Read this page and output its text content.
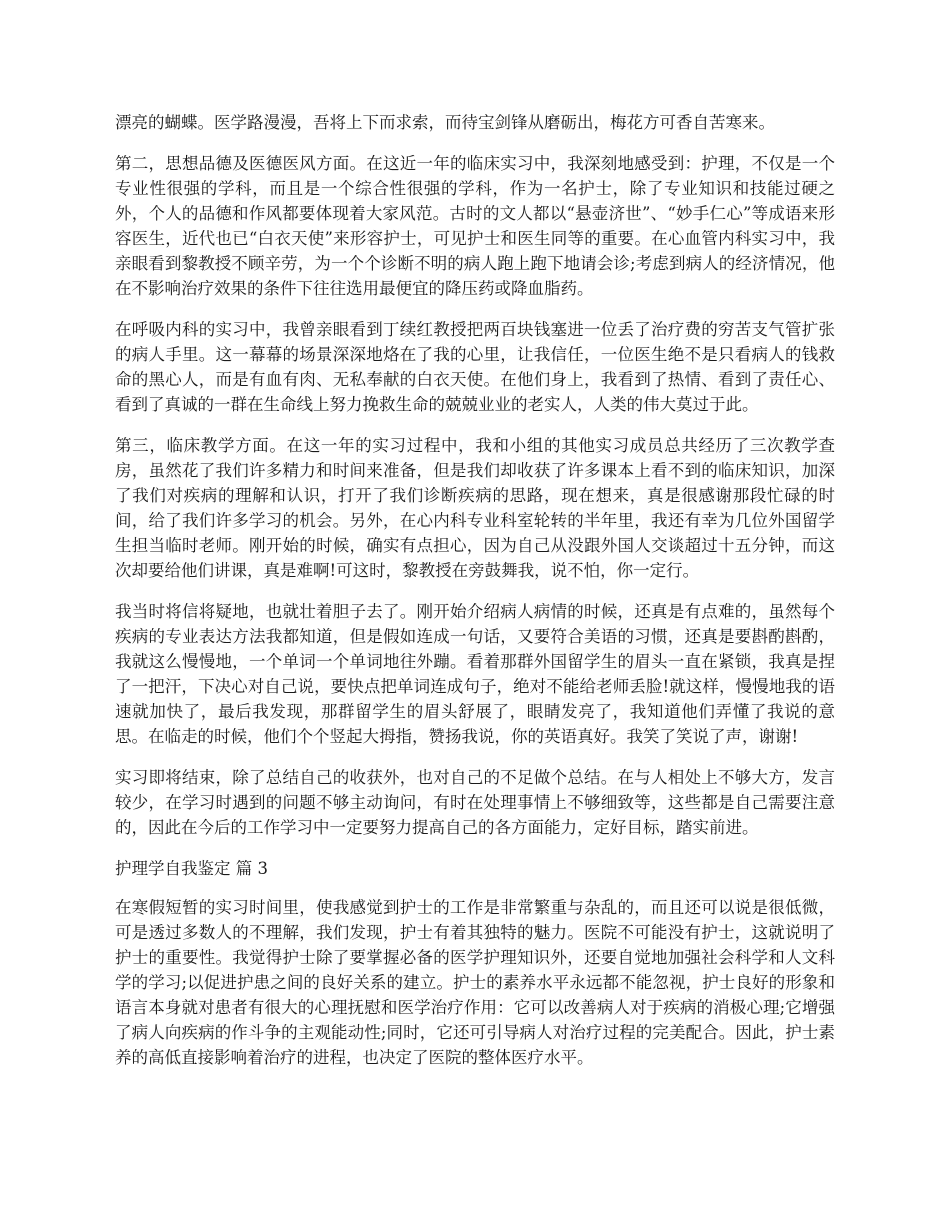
漂亮的蝴蝶。医学路漫漫，吾将上下而求索，而待宝剑锋从磨砺出，梅花方可香自苦寒来。

第二，思想品德及医德医风方面。在这近一年的临床实习中，我深刻地感受到：护理，不仅是一个专业性很强的学科，而且是一个综合性很强的学科，作为一名护士，除了专业知识和技能过硬之外，个人的品德和作风都要体现着大家风范。古时的文人都以“悬壶济世”、“妙手仁心”等成语来形容医生，近代也已“白衣天使”来形容护士，可见护士和医生同等的重要。在心血管内科实习中，我亲眼看到黎教授不顾辛劳，为一个个诊断不明的病人跑上跑下地请会诊;考虑到病人的经济情况，他在不影响治疗效果的条件下往往选用最便宜的降压药或降血脂药。

在呼吸内科的实习中，我曾亲眼看到丁续红教授把两百块钱塞进一位丢了治疗费的穷苦支气管扩张的病人手里。这一幕幕的场景深深地烙在了我的心里，让我信任，一位医生绝不是只看病人的钱救命的黑心人，而是有血有肉、无私奉献的白衣天使。在他们身上，我看到了热情、看到了责任心、看到了真诚的一群在生命线上努力挽救生命的兢兢业业的老实人，人类的伟大莫过于此。

第三，临床教学方面。在这一年的实习过程中，我和小组的其他实习成员总共经历了三次教学查房，虽然花了我们许多精力和时间来准备，但是我们却收获了许多课本上看不到的临床知识，加深了我们对疾病的理解和认识，打开了我们诊断疾病的思路，现在想来，真是很感谢那段忙碌的时间，给了我们许多学习的机会。另外，在心内科专业科室轮转的半年里，我还有幸为几位外国留学生担当临时老师。刚开始的时候，确实有点担心，因为自己从没跟外国人交谈超过十五分钟，而这次却要给他们讲课，真是难啊!可这时，黎教授在旁鼓舞我，说不怕，你一定行。

我当时将信将疑地，也就壮着胆子去了。刚开始介绍病人病情的时候，还真是有点难的，虽然每个疾病的专业表达方法我都知道，但是假如连成一句话，又要符合美语的习惯，还真是要斟酌斟酌，我就这么慢慢地，一个单词一个单词地往外蹦。看着那群外国留学生的眉头一直在紧锁，我真是捏了一把汗，下决心对自己说，要快点把单词连成句子，绝对不能给老师丢脸!就这样，慢慢地我的语速就加快了，最后我发现，那群留学生的眉头舒展了，眼睛发亮了，我知道他们弄懂了我说的意思。在临走的时候，他们个个竖起大拇指，赞扬我说，你的英语真好。我笑了笑说了声，谢谢!

实习即将结束，除了总结自己的收获外，也对自己的不足做个总结。在与人相处上不够大方，发言较少，在学习时遇到的问题不够主动询问，有时在处理事情上不够细致等，这些都是自己需要注意的，因此在今后的工作学习中一定要努力提高自己的各方面能力，定好目标，踏实前进。

护理学自我鉴定 篇 3

在寒假短暂的实习时间里，使我感觉到护士的工作是非常繁重与杂乱的，而且还可以说是很低微，可是透过多数人的不理解，我们发现，护士有着其独特的魅力。医院不可能没有护士，这就说明了护士的重要性。我觉得护士除了要掌握必备的医学护理知识外，还要自觉地加强社会科学和人文科学的学习;以促进护患之间的良好关系的建立。护士的素养水平永远都不能忽视，护士良好的形象和语言本身就对患者有很大的心理抚慰和医学治疗作用：它可以改善病人对于疾病的消极心理;它增强了病人向疾病的作斗争的主观能动性;同时，它还可引导病人对治疗过程的完美配合。因此，护士素养的高低直接影响着治疗的进程，也决定了医院的整体医疗水平。
